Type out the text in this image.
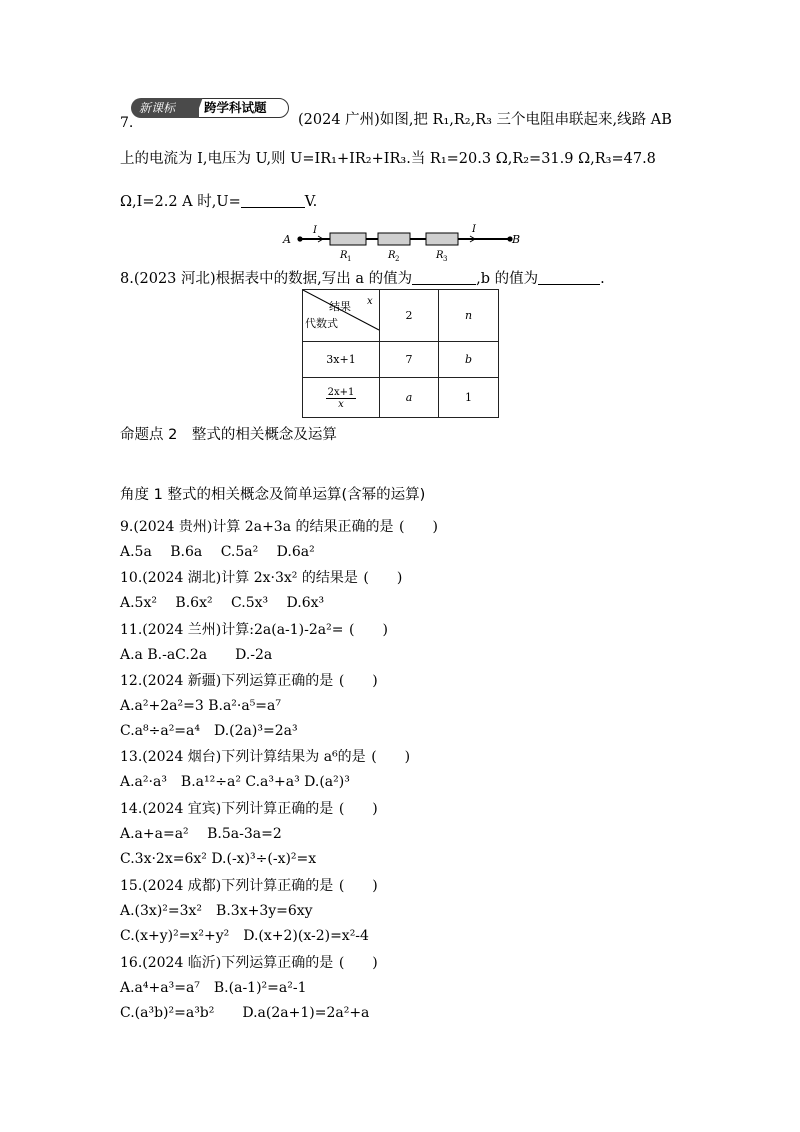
7.
跨学科试题
新课标
(2024 广州)如图,把 R₁,R₂,R₃ 三个电阻串联起来,线路 AB
上的电流为 I,电压为 U,则 U=IR₁+IR₂+IR₃.当 R₁=20.3 Ω,R₂=31.9 Ω,R₃=47.8
Ω,I=2.2 A 时,U=	V.
A	B
I	I
R 1	R 2	R 3
8.(2023 河北)根据表中的数据,写出 a 的值为	,b 的值为	.
结果 x
代数式	2	n
3x+1	7	b

$\frac{2x+1}{x}$	a	1
命题点 2　整式的相关概念及运算
角度 1 整式的相关概念及简单运算(含幂的运算)
9.(2024 贵州)计算 2a+3a 的结果正确的是 (　　)
A.5a　 B.6a　 C.5a²　 D.6a²
10.(2024 湖北)计算 2x·3x² 的结果是 (　　)
A.5x²　 B.6x²　 C.5x³　 D.6x³
11.(2024 兰州)计算:2a(a-1)-2a²= (　　)
A.a B.-aC.2a　　D.-2a
12.(2024 新疆)下列运算正确的是 (　　)
A.a²+2a²=3 B.a²·a⁵=a⁷
C.a⁸÷a²=a⁴　D.(2a)³=2a³
13.(2024 烟台)下列计算结果为 a⁶的是 (　　)
A.a²·a³　B.a¹²÷a² C.a³+a³ D.(a²)³
14.(2024 宜宾)下列计算正确的是 (　　)
A.a+a=a²　 B.5a-3a=2
C.3x·2x=6x² D.(-x)³÷(-x)²=x
15.(2024 成都)下列计算正确的是 (　　)
A.(3x)²=3x²　B.3x+3y=6xy
C.(x+y)²=x²+y²　D.(x+2)(x-2)=x²-4
16.(2024 临沂)下列运算正确的是 (　　)
A.a⁴+a³=a⁷　B.(a-1)²=a²-1
C.(a³b)²=a³b²　　D.a(2a+1)=2a²+a
